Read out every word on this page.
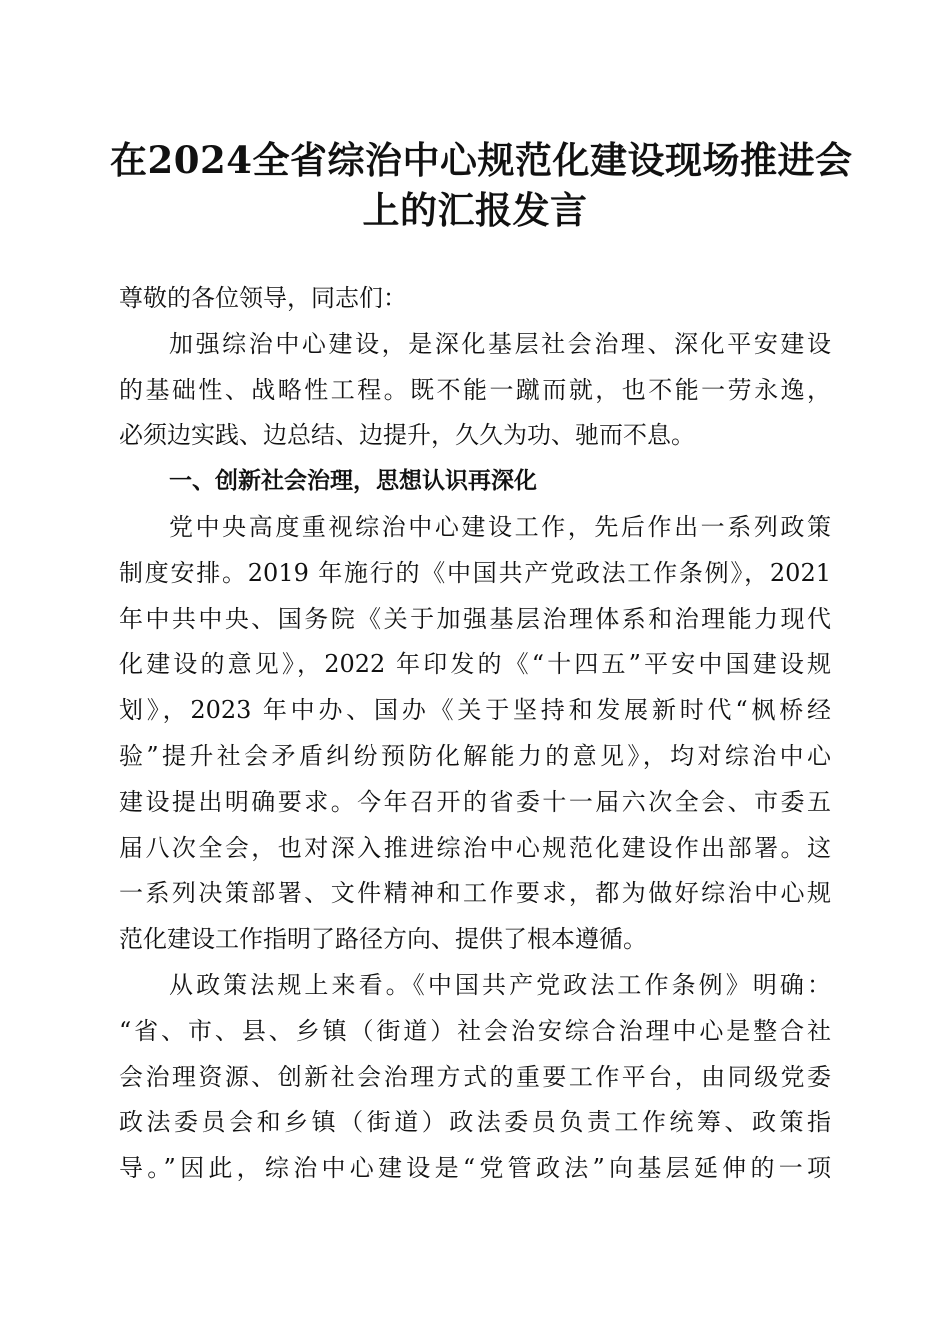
在2024全省综治中心规范化建设现场推进会
上的汇报发言
尊敬的各位领导，同志们：
加强综治中心建设，是深化基层社会治理、深化平安建设
的基础性、战略性工程。既不能一蹴而就，也不能一劳永逸，
必须边实践、边总结、边提升，久久为功、驰而不息。
一、创新社会治理，思想认识再深化
党中央高度重视综治中心建设工作，先后作出一系列政策
制度安排。2019 年施行的《中国共产党政法工作条例》，2021
年中共中央、国务院《关于加强基层治理体系和治理能力现代
化建设的意见》，2022 年印发的《“十四五”平安中国建设规
划》，2023 年中办、国办《关于坚持和发展新时代“枫桥经
验”提升社会矛盾纠纷预防化解能力的意见》，均对综治中心
建设提出明确要求。今年召开的省委十一届六次全会、市委五
届八次全会，也对深入推进综治中心规范化建设作出部署。这
一系列决策部署、文件精神和工作要求，都为做好综治中心规
范化建设工作指明了路径方向、提供了根本遵循。
从政策法规上来看。《中国共产党政法工作条例》明确：
“省、市、县、乡镇（街道）社会治安综合治理中心是整合社
会治理资源、创新社会治理方式的重要工作平台，由同级党委
政法委员会和乡镇（街道）政法委员负责工作统筹、政策指
导。”因此，综治中心建设是“党管政法”向基层延伸的一项
